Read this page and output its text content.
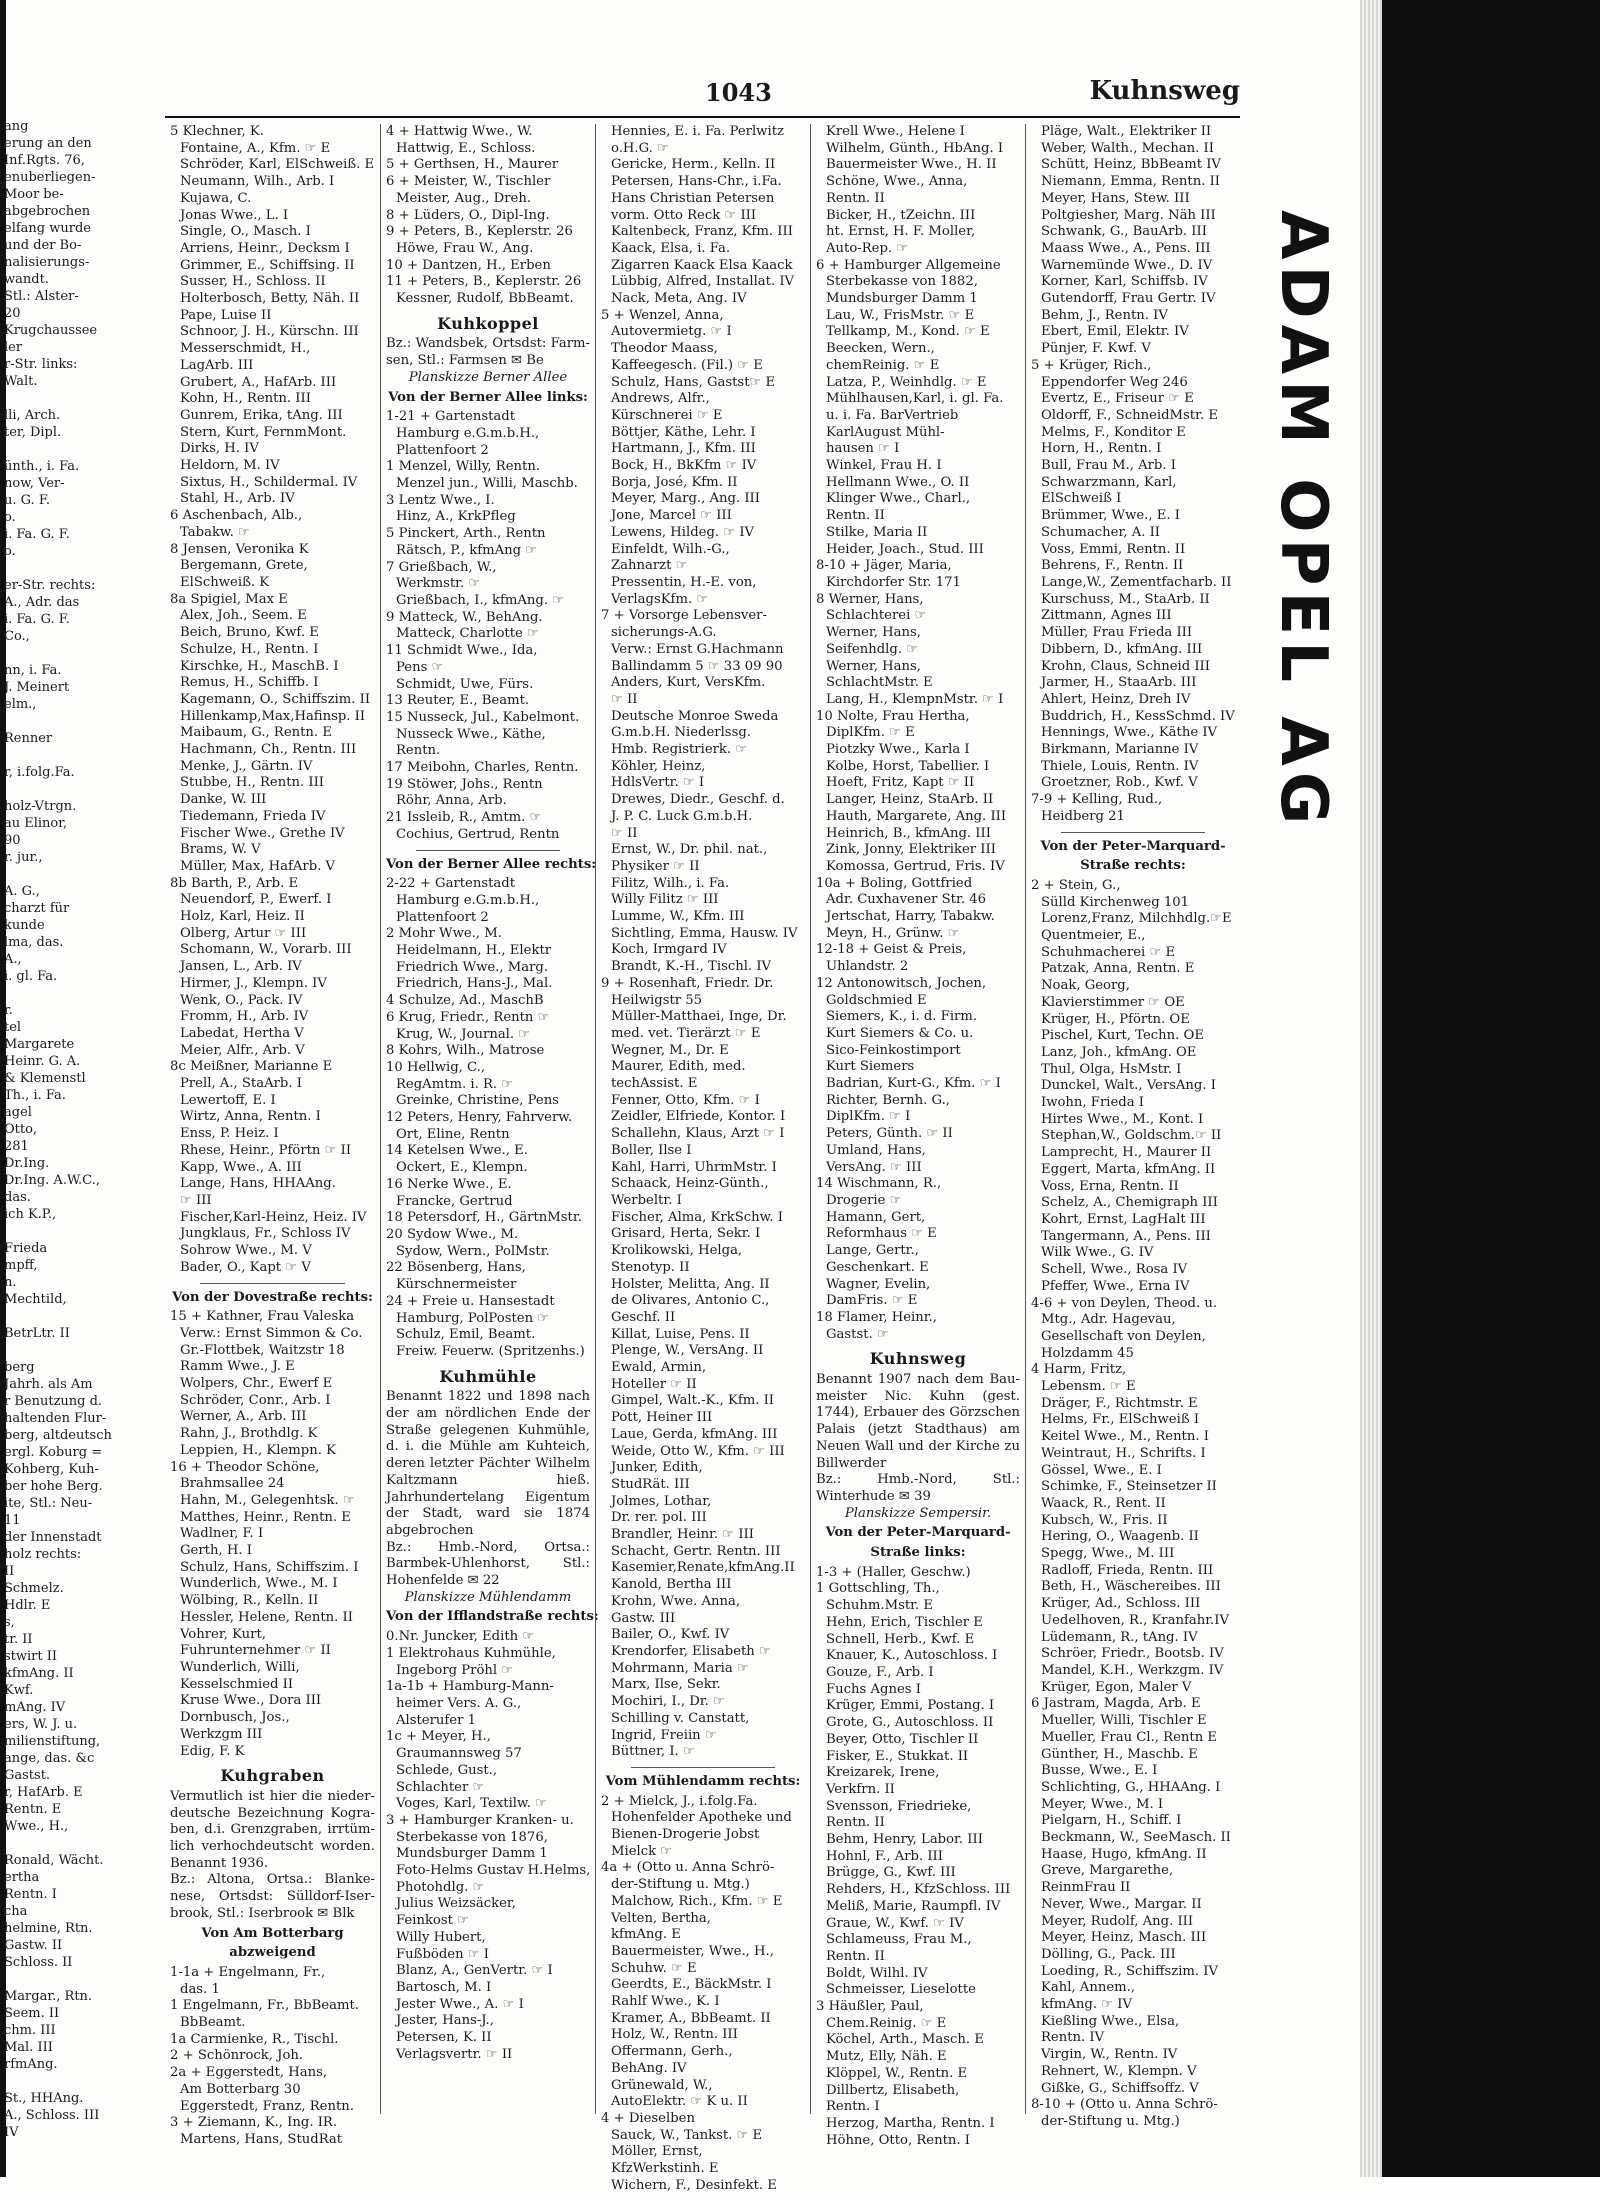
ang
erung an den
Inf.Rgts. 76,
enuberliegen-
Moor be-
abgebrochen
elfang wurde
und der Bo-
nalisierungs-
wandt.
Stl.: Alster-
20
Krugchaussee
ler
r-Str. links:
Walt.

lli, Arch.
ter, Dipl.

ünth., i. Fa.
now, Ver-
u. G. F.
o.
i. Fa. G. F.
o.

er-Str. rechts:
A., Adr. das
i. Fa. G. F.
Co.,

nn, i. Fa.
J. Meinert
elm.,

Renner

r, i.folg.Fa.

holz-Vtrgn.
au Elinor,
90
r. jur.,

A. G.,
charzt für
kunde
lma, das.
A.,
i. gl. Fa.

r.
tel
Margarete
Heinr. G. A.
& Klemenstl
Th., i. Fa.
agel
Otto,
281
Dr.Ing.
Dr.Ing. A.W.C.,
das.
ich K.P.,

Frieda
mpff,
n.
Mechtild,

BetrLtr. II

berg
Jahrh. als Am
r Benutzung d.
haltenden Flur-
berg, altdeutsch
ergl. Koburg =
Kohberg, Kuh-
ber hohe Berg.
ite, Stl.: Neu-
11
der Innenstadt
holz rechts:
II
Schmelz.
Hdlr. E
s,
tr. II
stwirt II
kfmAng. II
Kwf.
mAng. IV
ers, W. J. u.
milienstiftung,
ange, das. &c
Gastst.
r, HafArb. E
Rentn. E
Wwe., H.,

Ronald, Wächt.
ertha
Rentn. I
cha
helmine, Rtn.
Gastw. II
Schloss. II

Margar., Rtn.
Seem. II
chm. III
Mal. III
rfmAng.

St., HHAng.
A., Schloss. III
IV
1043	Kuhnsweg
5 Klechner, K.
Fontaine, A., Kfm. ☞ E
Schröder, Karl, ElSchweiß. E
Neumann, Wilh., Arb. I
Kujawa, C.
Jonas Wwe., L. I
Single, O., Masch. I
Arriens, Heinr., Decksm I
Grimmer, E., Schiffsing. II
Susser, H., Schloss. II
Holterbosch, Betty, Näh. II
Pape, Luise II
Schnoor, J. H., Kürschn. III
Messerschmidt, H.,
LagArb. III
Grubert, A., HafArb. III
Kohn, H., Rentn. III
Gunrem, Erika, tAng. III
Stern, Kurt, FernmMont.
Dirks, H. IV
Heldorn, M. IV
Sixtus, H., Schildermal. IV
Stahl, H., Arb. IV
6 Aschenbach, Alb.,
Tabakw. ☞
8 Jensen, Veronika K
Bergemann, Grete,
ElSchweiß. K
8a Spigiel, Max E
Alex, Joh., Seem. E
Beich, Bruno, Kwf. E
Schulze, H., Rentn. I
Kirschke, H., MaschB. I
Remus, H., Schiffb. I
Kagemann, O., Schiffszim. II
Hillenkamp,Max,Hafinsp. II
Maibaum, G., Rentn. E
Hachmann, Ch., Rentn. III
Menke, J., Gärtn. IV
Stubbe, H., Rentn. III
Danke, W. III
Tiedemann, Frieda IV
Fischer Wwe., Grethe IV
Brams, W. V
Müller, Max, HafArb. V
8b Barth, P., Arb. E
Neuendorf, P., Ewerf. I
Holz, Karl, Heiz. II
Olberg, Artur ☞ III
Schomann, W., Vorarb. III
Jansen, L., Arb. IV
Hirmer, J., Klempn. IV
Wenk, O., Pack. IV
Fromm, H., Arb. IV
Labedat, Hertha V
Meier, Alfr., Arb. V
8c Meißner, Marianne E
Prell, A., StaArb. I
Lewertoff, E. I
Wirtz, Anna, Rentn. I
Enss, P. Heiz. I
Rhese, Heinr., Pförtn ☞ II
Kapp, Wwe., A. III
Lange, Hans, HHAAng.
☞ III
Fischer,Karl-Heinz, Heiz. IV
Jungklaus, Fr., Schloss IV
Sohrow Wwe., M. V
Bader, O., Kapt ☞ V
Von der Dovestraße rechts:
15 + Kathner, Frau Valeska
Verw.: Ernst Simmon & Co.
Gr.-Flottbek, Waitzstr 18
Ramm Wwe., J. E
Wolpers, Chr., Ewerf E
Schröder, Conr., Arb. I
Werner, A., Arb. III
Rahn, J., Brothdlg. K
Leppien, H., Klempn. K
16 + Theodor Schöne,
Brahmsallee 24
Hahn, M., Gelegenhtsk. ☞
Matthes, Heinr., Rentn. E
Wadlner, F. I
Gerth, H. I
Schulz, Hans, Schiffszim. I
Wunderlich, Wwe., M. I
Wölbing, R., Kelln. II
Hessler, Helene, Rentn. II
Vohrer, Kurt,
Fuhrunternehmer ☞ II
Wunderlich, Willi,
Kesselschmied II
Kruse Wwe., Dora III
Dornbusch, Jos.,
Werkzgm III
Edig, F. K
Kuhgraben
Vermutlich ist hier die niederdeutsche Bezeichnung Kograben, d.i. Grenzgraben, irrtümlich verhochdeutscht worden. Benannt 1936.
Bz.: Altona, Ortsa.: Blankenese, Ortsdst: Sülldorf-Iserbrook, Stl.: Iserbrook ✉ Blk
Von Am Botterbarg
abzweigend
1-1a + Engelmann, Fr.,
das. 1
1 Engelmann, Fr., BbBeamt.
BbBeamt.
1a Carmienke, R., Tischl.
2 + Schönrock, Joh.
2a + Eggerstedt, Hans,
Am Botterbarg 30
Eggerstedt, Franz, Rentn.
3 + Ziemann, K., Ing. IR.
Martens, Hans, StudRat
4 + Hattwig Wwe., W.
Hattwig, E., Schloss.
5 + Gerthsen, H., Maurer
6 + Meister, W., Tischler
Meister, Aug., Dreh.
8 + Lüders, O., Dipl-Ing.
9 + Peters, B., Keplerstr. 26
Höwe, Frau W., Ang.
10 + Dantzen, H., Erben
11 + Peters, B., Keplerstr. 26
Kessner, Rudolf, BbBeamt.
Kuhkoppel
Bz.: Wandsbek, Ortsdst: Farmsen, Stl.: Farmsen ✉ Be
Planskizze Berner Allee
Von der Berner Allee links:
1-21 + Gartenstadt
Hamburg e.G.m.b.H.,
Plattenfoort 2
1 Menzel, Willy, Rentn.
Menzel jun., Willi, Maschb.
3 Lentz Wwe., I.
Hinz, A., KrkPfleg
5 Pinckert, Arth., Rentn
Rätsch, P., kfmAng ☞
7 Grießbach, W.,
Werkmstr. ☞
Grießbach, I., kfmAng. ☞
9 Matteck, W., BehAng.
Matteck, Charlotte ☞
11 Schmidt Wwe., Ida,
Pens ☞
Schmidt, Uwe, Fürs.
13 Reuter, E., Beamt.
15 Nusseck, Jul., Kabelmont.
Nusseck Wwe., Käthe,
Rentn.
17 Meibohn, Charles, Rentn.
19 Stöwer, Johs., Rentn
Röhr, Anna, Arb.
21 Issleib, R., Amtm. ☞
Cochius, Gertrud, Rentn
Von der Berner Allee rechts:
2-22 + Gartenstadt
Hamburg e.G.m.b.H.,
Plattenfoort 2
2 Mohr Wwe., M.
Heidelmann, H., Elektr
Friedrich Wwe., Marg.
Friedrich, Hans-J., Mal.
4 Schulze, Ad., MaschB
6 Krug, Friedr., Rentn ☞
Krug, W., Journal. ☞
8 Kohrs, Wilh., Matrose
10 Hellwig, C.,
RegAmtm. i. R. ☞
Greinke, Christine, Pens
12 Peters, Henry, Fahrverw.
Ort, Eline, Rentn
14 Ketelsen Wwe., E.
Ockert, E., Klempn.
16 Nerke Wwe., E.
Francke, Gertrud
18 Petersdorf, H., GärtnMstr.
20 Sydow Wwe., M.
Sydow, Wern., PolMstr.
22 Bösenberg, Hans,
Kürschnermeister
24 + Freie u. Hansestadt
Hamburg, PolPosten ☞
Schulz, Emil, Beamt.
Freiw. Feuerw. (Spritzenhs.)
Kuhmühle
Benannt 1822 und 1898 nach der am nördlichen Ende der Straße gelegenen Kuhmühle, d. i. die Mühle am Kuhteich, deren letzter Pächter Wilhelm Kaltzmann hieß. Jahrhundertelang Eigentum der Stadt, ward sie 1874 abgebrochen
Bz.: Hmb.-Nord, Ortsa.: Barmbek-Uhlenhorst, Stl.: Hohenfelde ✉ 22
Planskizze Mühlendamm
Von der Ifflandstraße rechts:
0.Nr. Juncker, Edith ☞
1 Elektrohaus Kuhmühle,
Ingeborg Pröhl ☞
1a-1b + Hamburg-Mann-
heimer Vers. A. G.,
Alsterufer 1
1c + Meyer, H.,
Graumannsweg 57
Schlede, Gust.,
Schlachter ☞
Voges, Karl, Textilw. ☞
3 + Hamburger Kranken- u.
Sterbekasse von 1876,
Mundsburger Damm 1
Foto-Helms Gustav H.Helms,
Photohdlg. ☞
Julius Weizsäcker,
Feinkost ☞
Willy Hubert,
Fußböden ☞ I
Blanz, A., GenVertr. ☞ I
Bartosch, M. I
Jester Wwe., A. ☞ I
Jester, Hans-J.,
Petersen, K. II
Verlagsvertr. ☞ II
Hennies, E. i. Fa. Perlwitz
o.H.G. ☞
Gericke, Herm., Kelln. II
Petersen, Hans-Chr., i.Fa.
Hans Christian Petersen
vorm. Otto Reck ☞ III
Kaltenbeck, Franz, Kfm. III
Kaack, Elsa, i. Fa.
Zigarren Kaack Elsa Kaack
Lübbig, Alfred, Installat. IV
Nack, Meta, Ang. IV
5 + Wenzel, Anna,
Autovermietg. ☞ I
Theodor Maass,
Kaffeegesch. (Fil.) ☞ E
Schulz, Hans, Gastst☞ E
Andrews, Alfr.,
Kürschnerei ☞ E
Böttjer, Käthe, Lehr. I
Hartmann, J., Kfm. III
Bock, H., BkKfm ☞ IV
Borja, José, Kfm. II
Meyer, Marg., Ang. III
Jone, Marcel ☞ III
Lewens, Hildeg. ☞ IV
Einfeldt, Wilh.-G.,
Zahnarzt ☞
Pressentin, H.-E. von,
VerlagsKfm. ☞
7 + Vorsorge Lebensver-
sicherungs-A.G.
Verw.: Ernst G.Hachmann
Ballindamm 5 ☞ 33 09 90
Anders, Kurt, VersKfm.
☞ II
Deutsche Monroe Sweda
G.m.b.H. Niederlssg.
Hmb. Registrierk. ☞
Köhler, Heinz,
HdlsVertr. ☞ I
Drewes, Diedr., Geschf. d.
J. P. C. Luck G.m.b.H.
☞ II
Ernst, W., Dr. phil. nat.,
Physiker ☞ II
Filitz, Wilh., i. Fa.
Willy Filitz ☞ III
Lumme, W., Kfm. III
Sichtling, Emma, Hausw. IV
Koch, Irmgard IV
Brandt, K.-H., Tischl. IV
9 + Rosenhaft, Friedr. Dr.
Heilwigstr 55
Müller-Matthaei, Inge, Dr.
med. vet. Tierärzt ☞ E
Wegner, M., Dr. E
Maurer, Edith, med.
techAssist. E
Fenner, Otto, Kfm. ☞ I
Zeidler, Elfriede, Kontor. I
Schallehn, Klaus, Arzt ☞ I
Boller, Ilse I
Kahl, Harri, UhrmMstr. I
Schaack, Heinz-Günth.,
Werbeltr. I
Fischer, Alma, KrkSchw. I
Grisard, Herta, Sekr. I
Krolikowski, Helga,
Stenotyp. II
Holster, Melitta, Ang. II
de Olivares, Antonio C.,
Geschf. II
Killat, Luise, Pens. II
Plenge, W., VersAng. II
Ewald, Armin,
Hoteller ☞ II
Gimpel, Walt.-K., Kfm. II
Pott, Heiner III
Laue, Gerda, kfmAng. III
Weide, Otto W., Kfm. ☞ III
Junker, Edith,
StudRät. III
Jolmes, Lothar,
Dr. rer. pol. III
Brandler, Heinr. ☞ III
Schacht, Gertr. Rentn. III
Kasemier,Renate,kfmAng.II
Kanold, Bertha III
Krohn, Wwe. Anna,
Gastw. III
Bailer, O., Kwf. IV
Krendorfer, Elisabeth ☞
Mohrmann, Maria ☞
Marx, Ilse, Sekr.
Mochiri, I., Dr. ☞
Schilling v. Canstatt,
Ingrid, Freiin ☞
Büttner, I. ☞
Vom Mühlendamm rechts:
2 + Mielck, J., i.folg.Fa.
Hohenfelder Apotheke und
Bienen-Drogerie Jobst
Mielck ☞
4a + (Otto u. Anna Schrö-
der-Stiftung u. Mtg.)
Malchow, Rich., Kfm. ☞ E
Velten, Bertha,
kfmAng. E
Bauermeister, Wwe., H.,
Schuhw. ☞ E
Geerdts, E., BäckMstr. I
Rahlf Wwe., K. I
Kramer, A., BbBeamt. II
Holz, W., Rentn. III
Offermann, Gerh.,
BehAng. IV
Grünewald, W.,
AutoElektr. ☞ K u. II
4 + Dieselben
Sauck, W., Tankst. ☞ E
Möller, Ernst,
KfzWerkstinh. E
Wichern, F., Desinfekt. E
Krell Wwe., Helene I
Wilhelm, Günth., HbAng. I
Bauermeister Wwe., H. II
Schöne, Wwe., Anna,
Rentn. II
Bicker, H., tZeichn. III
ht. Ernst, H. F. Moller,
Auto-Rep. ☞
6 + Hamburger Allgemeine
Sterbekasse von 1882,
Mundsburger Damm 1
Lau, W., FrisMstr. ☞ E
Tellkamp, M., Kond. ☞ E
Beecken, Wern.,
chemReinig. ☞ E
Latza, P., Weinhdlg. ☞ E
Mühlhausen,Karl, i. gl. Fa.
u. i. Fa. BarVertrieb
KarlAugust Mühl-
hausen ☞ I
Winkel, Frau H. I
Hellmann Wwe., O. II
Klinger Wwe., Charl.,
Rentn. II
Stilke, Maria II
Heider, Joach., Stud. III
8-10 + Jäger, Maria,
Kirchdorfer Str. 171
8 Werner, Hans,
Schlachterei ☞
Werner, Hans,
Seifenhdlg. ☞
Werner, Hans,
SchlachtMstr. E
Lang, H., KlempnMstr. ☞ I
10 Nolte, Frau Hertha,
DiplKfm. ☞ E
Piotzky Wwe., Karla I
Kolbe, Horst, Tabellier. I
Hoeft, Fritz, Kapt ☞ II
Langer, Heinz, StaArb. II
Hauth, Margarete, Ang. III
Heinrich, B., kfmAng. III
Zink, Jonny, Elektriker III
Komossa, Gertrud, Fris. IV
10a + Boling, Gottfried
Adr. Cuxhavener Str. 46
Jertschat, Harry, Tabakw.
Meyn, H., Grünw. ☞
12-18 + Geist & Preis,
Uhlandstr. 2
12 Antonowitsch, Jochen,
Goldschmied E
Siemers, K., i. d. Firm.
Kurt Siemers & Co. u.
Sico-Feinkostimport
Kurt Siemers
Badrian, Kurt-G., Kfm. ☞ I
Richter, Bernh. G.,
DiplKfm. ☞ I
Peters, Günth. ☞ II
Umland, Hans,
VersAng. ☞ III
14 Wischmann, R.,
Drogerie ☞
Hamann, Gert,
Reformhaus ☞ E
Lange, Gertr.,
Geschenkart. E
Wagner, Evelin,
DamFris. ☞ E
18 Flamer, Heinr.,
Gastst. ☞
Kuhnsweg
Benannt 1907 nach dem Baumeister Nic. Kuhn (gest. 1744), Erbauer des Görzschen Palais (jetzt Stadthaus) am Neuen Wall und der Kirche zu Billwerder
Bz.: Hmb.-Nord, Stl.: Winterhude ✉ 39
Planskizze Sempersir.
Von der Peter-Marquard-
Straße links:
1-3 + (Haller, Geschw.)
1 Gottschling, Th.,
Schuhm.Mstr. E
Hehn, Erich, Tischler E
Schnell, Herb., Kwf. E
Knauer, K., Autoschloss. I
Gouze, F., Arb. I
Fuchs Agnes I
Krüger, Emmi, Postang. I
Grote, G., Autoschloss. II
Beyer, Otto, Tischler II
Fisker, E., Stukkat. II
Kreizarek, Irene,
Verkfrn. II
Svensson, Friedrieke,
Rentn. II
Behm, Henry, Labor. III
Hohnl, F., Arb. III
Brügge, G., Kwf. III
Rehders, H., KfzSchloss. III
Meliß, Marie, Raumpfl. IV
Graue, W., Kwf. ☞ IV
Schlameuss, Frau M.,
Rentn. II
Boldt, Wilhl. IV
Schmeisser, Lieselotte
3 Häußler, Paul,
Chem.Reinig. ☞ E
Köchel, Arth., Masch. E
Mutz, Elly, Näh. E
Klöppel, W., Rentn. E
Dillbertz, Elisabeth,
Rentn. I
Herzog, Martha, Rentn. I
Höhne, Otto, Rentn. I
Pläge, Walt., Elektriker II
Weber, Walth., Mechan. II
Schütt, Heinz, BbBeamt IV
Niemann, Emma, Rentn. II
Meyer, Hans, Stew. III
Poltgiesher, Marg. Näh III
Schwank, G., BauArb. III
Maass Wwe., A., Pens. III
Warnemünde Wwe., D. IV
Korner, Karl, Schiffsb. IV
Gutendorff, Frau Gertr. IV
Behm, J., Rentn. IV
Ebert, Emil, Elektr. IV
Pünjer, F. Kwf. V
5 + Krüger, Rich.,
Eppendorfer Weg 246
Evertz, E., Friseur ☞ E
Oldorff, F., SchneidMstr. E
Melms, F., Konditor E
Horn, H., Rentn. I
Bull, Frau M., Arb. I
Schwarzmann, Karl,
ElSchweiß I
Brümmer, Wwe., E. I
Schumacher, A. II
Voss, Emmi, Rentn. II
Behrens, F., Rentn. II
Lange,W., Zementfacharb. II
Kurschuss, M., StaArb. II
Zittmann, Agnes III
Müller, Frau Frieda III
Dibbern, D., kfmAng. III
Krohn, Claus, Schneid III
Jarmer, H., StaaArb. III
Ahlert, Heinz, Dreh IV
Buddrich, H., KessSchmd. IV
Hennings, Wwe., Käthe IV
Birkmann, Marianne IV
Thiele, Louis, Rentn. IV
Groetzner, Rob., Kwf. V
7-9 + Kelling, Rud.,
Heidberg 21
Von der Peter-Marquard-
Straße rechts:
2 + Stein, G.,
Sülld Kirchenweg 101
Lorenz,Franz, Milchhdlg.☞E
Quentmeier, E.,
Schuhmacherei ☞ E
Patzak, Anna, Rentn. E
Noak, Georg,
Klavierstimmer ☞ OE
Krüger, H., Pförtn. OE
Pischel, Kurt, Techn. OE
Lanz, Joh., kfmAng. OE
Thul, Olga, HsMstr. I
Dunckel, Walt., VersAng. I
Iwohn, Frieda I
Hirtes Wwe., M., Kont. I
Stephan,W., Goldschm.☞ II
Lamprecht, H., Maurer II
Eggert, Marta, kfmAng. II
Voss, Erna, Rentn. II
Schelz, A., Chemigraph III
Kohrt, Ernst, LagHalt III
Tangermann, A., Pens. III
Wilk Wwe., G. IV
Schell, Wwe., Rosa IV
Pfeffer, Wwe., Erna IV
4-6 + von Deylen, Theod. u.
Mtg., Adr. Hagevau,
Gesellschaft von Deylen,
Holzdamm 45
4 Harm, Fritz,
Lebensm. ☞ E
Dräger, F., Richtmstr. E
Helms, Fr., ElSchweiß I
Keitel Wwe., M., Rentn. I
Weintraut, H., Schrifts. I
Gössel, Wwe., E. I
Schimke, F., Steinsetzer II
Waack, R., Rent. II
Kubsch, W., Fris. II
Hering, O., Waagenb. II
Spegg, Wwe., M. III
Radloff, Frieda, Rentn. III
Beth, H., Wäschereibes. III
Krüger, Ad., Schloss. III
Uedelhoven, R., Kranfahr.IV
Lüdemann, R., tAng. IV
Schröer, Friedr., Bootsb. IV
Mandel, K.H., Werkzgm. IV
Krüger, Egon, Maler V
6 Jastram, Magda, Arb. E
Mueller, Willi, Tischler E
Mueller, Frau Cl., Rentn E
Günther, H., Maschb. E
Busse, Wwe., E. I
Schlichting, G., HHAAng. I
Meyer, Wwe., M. I
Pielgarn, H., Schiff. I
Beckmann, W., SeeMasch. II
Haase, Hugo, kfmAng. II
Greve, Margarethe,
ReinmFrau II
Never, Wwe., Margar. II
Meyer, Rudolf, Ang. III
Meyer, Heinz, Masch. III
Dölling, G., Pack. III
Loeding, R., Schiffszim. IV
Kahl, Annem.,
kfmAng. ☞ IV
Kießling Wwe., Elsa,
Rentn. IV
Virgin, W., Rentn. IV
Rehnert, W., Klempn. V
Gißke, G., Schiffsoffz. V
8-10 + (Otto u. Anna Schrö-
der-Stiftung u. Mtg.)
ADAM OPEL AG
